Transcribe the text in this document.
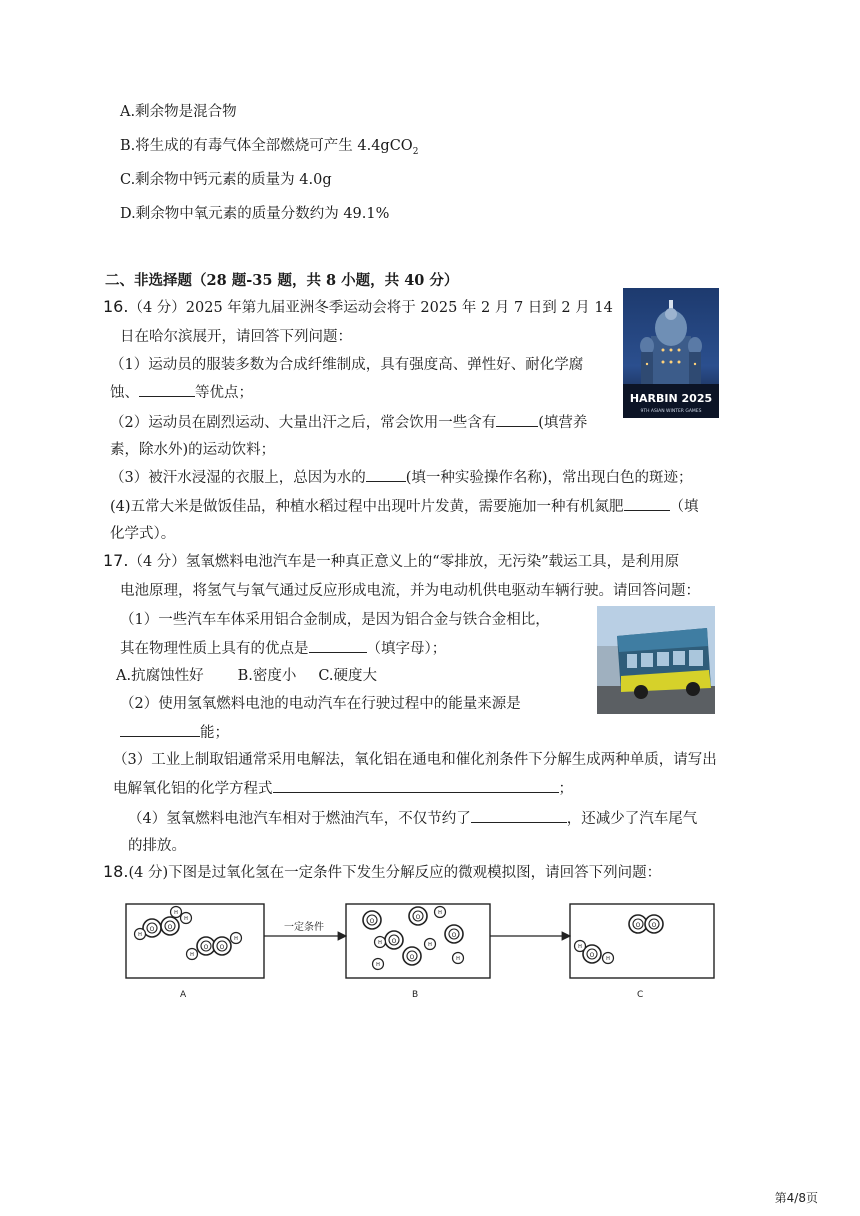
A.剩余物是混合物
B.将生成的有毒气体全部燃烧可产生 4.4gCO$_2$
C.剩余物中钙元素的质量为 4.0g
D.剩余物中氧元素的质量分数约为 49.1%
二、非选择题（28 题-35 题，共 8 小题，共 40 分）
16.（4 分）2025 年第九届亚洲冬季运动会将于 2025 年 2 月 7 日到 2 月 14
日在哈尔滨展开，请回答下列问题：
（1）运动员的服装多数为合成纤维制成，具有强度高、弹性好、耐化学腐
蚀、	等优点；
（2）运动员在剧烈运动、大量出汗之后，常会饮用一些含有	(填营养
素，除水外)的运动饮料；
（3）被汗水浸湿的衣服上，总因为水的	(填一种实验操作名称)，常出现白色的斑迹；
(4)五常大米是做饭佳品，种植水稻过程中出现叶片发黄，需要施加一种有机氮肥	（填
化学式）。
HARBIN 2025
9TH ASIAN WINTER GAMES
17.（4 分）氢氧燃料电池汽车是一种真正意义上的“零排放，无污染”载运工具，是利用原
电池原理，将氢气与氧气通过反应形成电流，并为电动机供电驱动车辆行驶。请回答问题：
（1）一些汽车车体采用铝合金制成，是因为铝合金与铁合金相比，
其在物理性质上具有的优点是	（填字母）；
A.抗腐蚀性好 B.密度小 C.硬度大
（2）使用氢氧燃料电池的电动汽车在行驶过程中的能量来源是
能；
（3）工业上制取铝通常采用电解法，氧化铝在通电和催化剂条件下分解生成两种单质，请写出
电解氧化铝的化学方程式	；
（4）氢氧燃料电池汽车相对于燃油汽车，不仅节约了	，还减少了汽车尾气
的排放。
18.(4 分)下图是过氧化氢在一定条件下发生分解反应的微观模拟图，请回答下列问题：
一定条件
O O
H
H
O O
H
H
H
O
O
O
O
O
H	H
H
H
H
O O
O
H
H
A	B	C
第4/8页
